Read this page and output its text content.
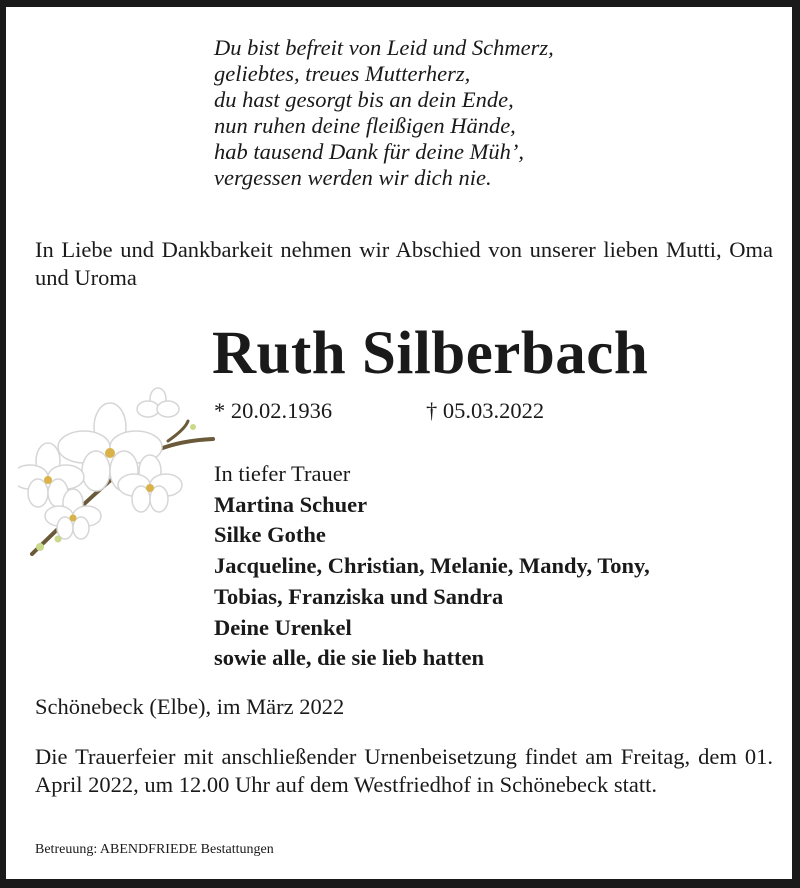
Du bist befreit von Leid und Schmerz,
geliebtes, treues Mutterherz,
du hast gesorgt bis an dein Ende,
nun ruhen deine fleißigen Hände,
hab tausend Dank für deine Müh’,
vergessen werden wir dich nie.
In Liebe und Dankbarkeit nehmen wir Abschied von unserer lieben Mutti, Oma und Uroma
Ruth Silberbach
* 20.02.1936	† 05.03.2022
In tiefer Trauer
Martina Schuer
Silke Gothe
Jacqueline, Christian, Melanie, Mandy, Tony,
Tobias, Franziska und Sandra
Deine Urenkel
sowie alle, die sie lieb hatten
Schönebeck (Elbe), im März 2022
Die Trauerfeier mit anschließender Urnenbeisetzung findet am Freitag, dem 01. April 2022, um 12.00 Uhr auf dem Westfriedhof in Schönebeck statt.
Betreuung: ABENDFRIEDE Bestattungen
